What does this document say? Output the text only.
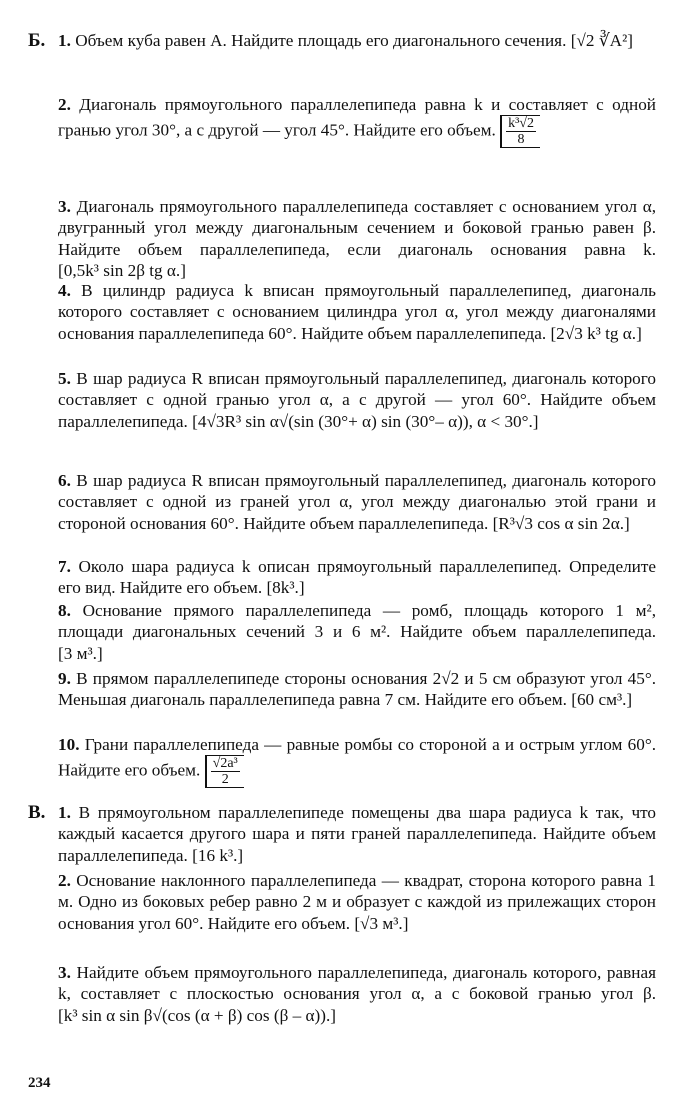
Б. 1. Объем куба равен A. Найдите площадь его диагонального сечения. [√2 ∛A²]
2. Диагональ прямоугольного параллелепипеда равна k и составляет с одной гранью угол 30°, а с другой — угол 45°. Найдите его объем. $\frac{\text{k³√2}}{8}$
3. Диагональ прямоугольного параллелепипеда составляет с основанием угол α, двугранный угол между диагональным сечением и боковой гранью равен β. Найдите объем параллелепипеда, если диагональ основания равна k. [0,5k³ sin 2β tg α.]
4. В цилиндр радиуса k вписан прямоугольный параллелепипед, диагональ которого составляет с основанием цилиндра угол α, угол между диагоналями основания параллелепипеда 60°. Найдите объем параллелепипеда. [2√3 k³ tg α.]
5. В шар радиуса R вписан прямоугольный параллелепипед, диагональ которого составляет с одной гранью угол α, а с другой — угол 60°. Найдите объем параллелепипеда. [4√3R³ sin α√(sin (30°+ α) sin (30°– α)), α < 30°.]
6. В шар радиуса R вписан прямоугольный параллелепипед, диагональ которого составляет с одной из граней угол α, угол между диагональю этой грани и стороной основания 60°. Найдите объем параллелепипеда. [R³√3 cos α sin 2α.]
7. Около шара радиуса k описан прямоугольный параллелепипед. Определите его вид. Найдите его объем. [8k³.]
8. Основание прямого параллелепипеда — ромб, площадь которого 1 м², площади диагональных сечений 3 и 6 м². Найдите объем параллелепипеда. [3 м³.]
9. В прямом параллелепипеде стороны основания 2√2 и 5 см образуют угол 45°. Меньшая диагональ параллелепипеда равна 7 см. Найдите его объем. [60 см³.]
10. Грани параллелепипеда — равные ромбы со стороной a и острым углом 60°. Найдите его объем. $\frac{\text{√2a³}}{2}$
В. 1. В прямоугольном параллелепипеде помещены два шара радиуса k так, что каждый касается другого шара и пяти граней параллелепипеда. Найдите объем параллелепипеда. [16 k³.]
2. Основание наклонного параллелепипеда — квадрат, сторона которого равна 1 м. Одно из боковых ребер равно 2 м и образует с каждой из прилежащих сторон основания угол 60°. Найдите его объем. [√3 м³.]
3. Найдите объем прямоугольного параллелепипеда, диагональ которого, равная k, составляет с плоскостью основания угол α, а с боковой гранью угол β. [k³ sin α sin β√(cos (α + β) cos (β – α)).]
234
